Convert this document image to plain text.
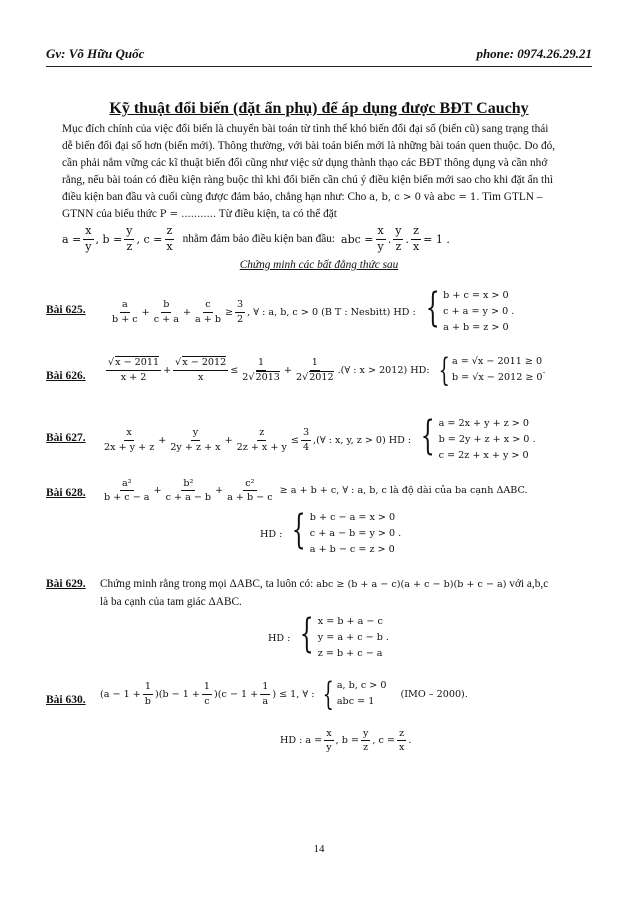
Gv: Võ Hữu Quốc	phone: 0974.26.29.21
Kỹ thuật đổi biến (đặt ẩn phụ) để áp dụng được BĐT Cauchy
Mục đích chính của việc đổi biến là chuyển bài toán từ tình thế khó biến đổi đại số (biến cũ) sang trạng thái
dễ biến đổi đại số hơn (biến mới). Thông thường, với bài toán biến mới là những bài toán quen thuộc. Do đó,
cần phải nắm vững các kĩ thuật biến đổi cũng như việc sử dụng thành thạo các BĐT thông dụng và cần nhớ
rằng, nếu bài toán có điều kiện ràng buộc thì khi đổi biến cần chú ý điều kiện biến mới sao cho khi đặt ẩn thì
điều kiện ban đầu và cuối cùng được đảm bảo, chẳng hạn như: Cho a, b, c > 0 và abc = 1. Tìm GTLN –
GTNN của biểu thức P = ........... Từ điều kiện, ta có thể đặt
$a = \frac{x}{y}$ , $b = \frac{y}{z}$ , $c = \frac{z}{x}$ nhằm đảm bảo điều kiện ban đầu: abc = $\frac{x}{y}$ .
y
z
. $\frac{z}{x} = 1$ .
Chứng minh các bất đẳng thức sau
Bài 625.	a
b + c
+ $\frac{b}{c + a} + \frac{c}{a + b} \ge \frac{3}{2}$ , ∀ : a, b, c > 0 (B T : Nesbitt) HD : { b + c = x > 0
c + a = y > 0 .
a + b = z > 0
Bài 626.
√x − 2011
x + 2
+ $\frac{√x - 2012}{x} \le \frac{1}{2√2013} + \frac{1}{2√2012}$ .(∀ : x > 2012) HD: { a = √x − 2011 ≥ 0
b = √x − 2012 ≥ 0
.
Bài 627.	x
2x + y + z
+ $\frac{y}{2y + z + x} + \frac{z}{2z + x + y} \le \frac{3}{4}$ ,(∀ : x, y, z > 0) HD : { a = 2x + y + z > 0
b = 2y + z + x > 0 .
c = 2z + x + y > 0
Bài 628.
a²
b + c − a
+ $\frac{\text{b²}}{c + a - b} + \frac{\text{c²}}{a + b - c} \ge a + b + c$, ∀ : a, b, c là độ dài của ba cạnh ΔABC.
HD : { b + c − a = x > 0
c + a − b = y > 0 .
a + b − c = z > 0
Bài 629. Chứng minh rằng trong mọi ΔABC, ta luôn có: abc ≥ (b + a − c)(a + c − b)(b + c − a) với a,b,c
là ba cạnh của tam giác ΔABC.
HD : { x = b + a − c
y = a + c − b .
z = b + c − a
Bài 630. $(a - 1 + \frac{1}{b} )(b - 1 + \frac{1}{c} )(c - 1 + \frac{1}{a}$ ) ≤ 1, ∀ : { a, b, c > 0
abc = 1
(IMO – 2000).
HD : $a = \frac{x}{y}$ , $b = \frac{y}{z}$ , $c = \frac{z}{x}$ .
14
